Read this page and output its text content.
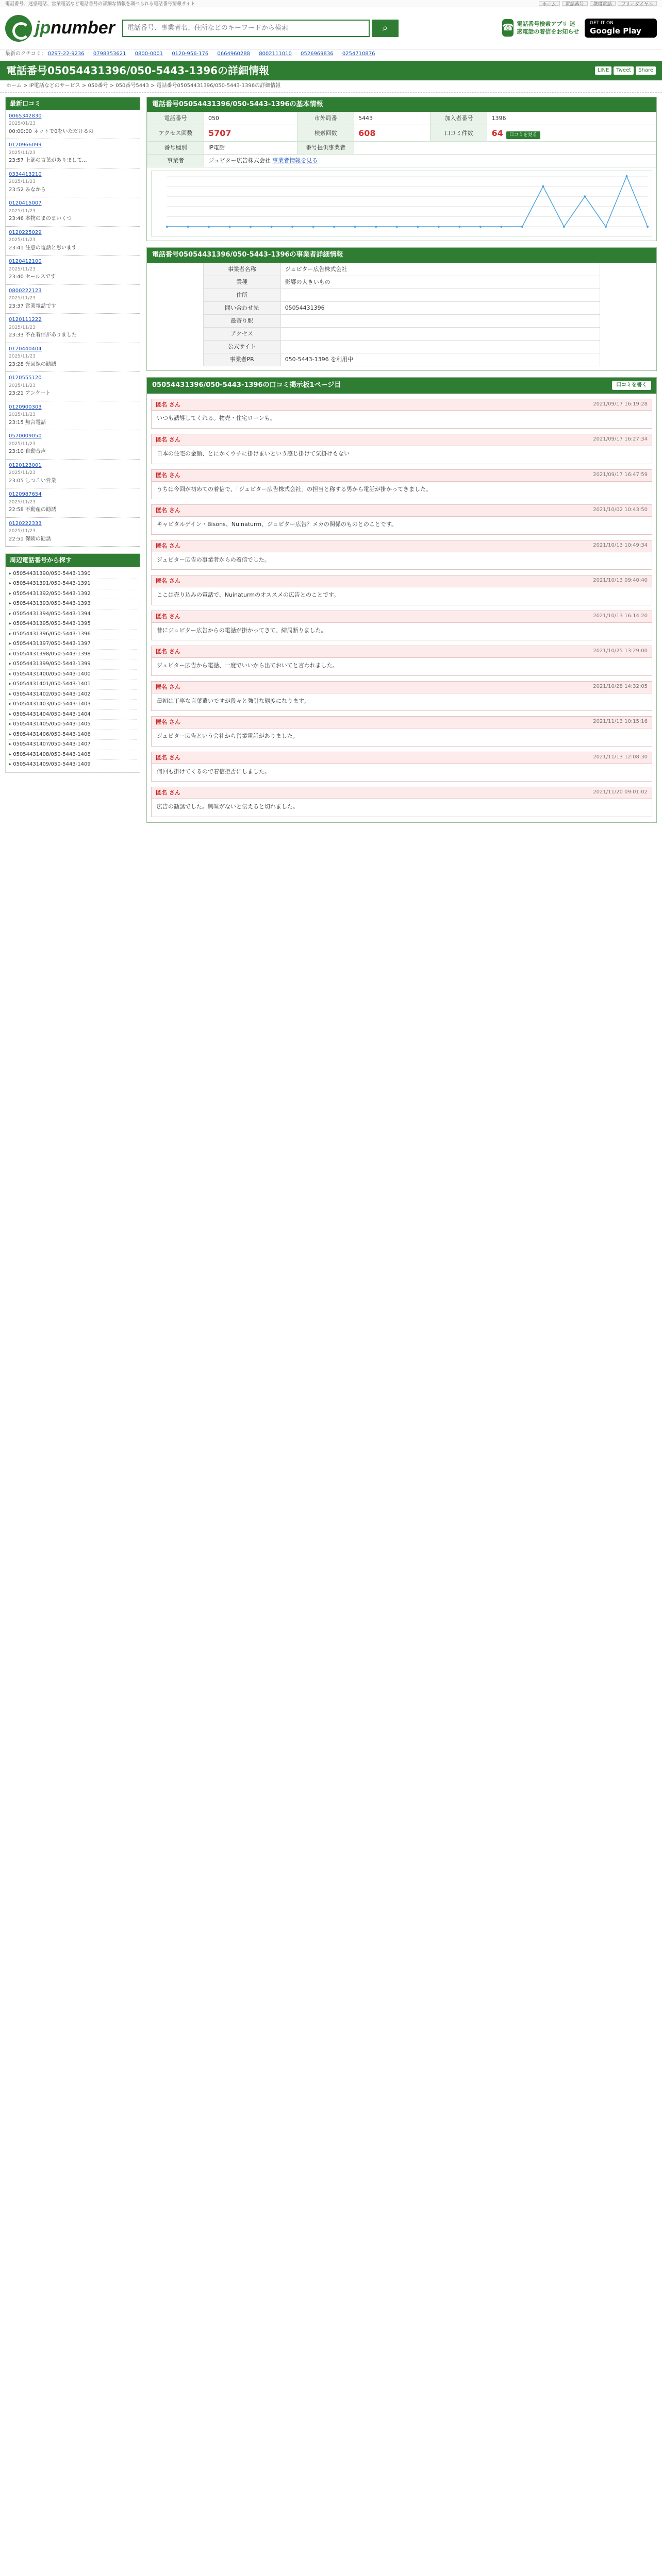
電話番号、迷惑電話、営業電話など電話番号の詳細な情報を調べられる電話番号情報サイト	ホーム	電話番号	携帯電話	フリーダイヤル
jpnumber
電話番号、事業者名、住所などのキーワードから検索	⌕	☎ 電話番号検索アプリ 迷惑電話の着信をお知らせ
GET IT ON
Google Play
最新のクチコミ： 0297-22-9236 0798353621 0800-0001 0120-956-176 0664960288 8002111010 0526969836 0254710876
電話番号05054431396/050-5443-1396の詳細情報	LINE	Tweet	Share
ホーム > IP電話などのサービス > 050番号 > 050番号5443 > 電話番号05054431396/050-5443-1396の詳細情報
最新口コミ
0065342830
2025/01/23
00:00:00 ネットで0をいただけるの
0120966099
2025/11/23
23:57 上部の言葉がありまして...
0334413210
2025/11/23
23:52 みなから
0120415007
2025/11/23
23:46 本物のまのまいくつ
0120225029
2025/11/23
23:41 注意の電話と思います
0120412100
2025/11/23
23:40 セールスです
0800222123
2025/11/23
23:37 営業電話です
0120111222
2025/11/23
23:33 不在着信がありました
0120440404
2025/11/23
23:28 光回線の勧誘
0120555120
2025/11/23
23:21 アンケート
0120900303
2025/11/23
23:15 無言電話
0570009050
2025/11/23
23:10 自動音声
0120123001
2025/11/23
23:05 しつこい営業
0120987654
2025/11/23
22:58 不動産の勧誘
0120222333
2025/11/23
22:51 保険の勧誘
周辺電話番号から探す
▸ 05054431390/050-5443-1390
▸ 05054431391/050-5443-1391
▸ 05054431392/050-5443-1392
▸ 05054431393/050-5443-1393
▸ 05054431394/050-5443-1394
▸ 05054431395/050-5443-1395
▸ 05054431396/050-5443-1396
▸ 05054431397/050-5443-1397
▸ 05054431398/050-5443-1398
▸ 05054431399/050-5443-1399
▸ 05054431400/050-5443-1400
▸ 05054431401/050-5443-1401
▸ 05054431402/050-5443-1402
▸ 05054431403/050-5443-1403
▸ 05054431404/050-5443-1404
▸ 05054431405/050-5443-1405
▸ 05054431406/050-5443-1406
▸ 05054431407/050-5443-1407
▸ 05054431408/050-5443-1408
▸ 05054431409/050-5443-1409
電話番号05054431396/050-5443-1396の基本情報
電話番号	050	市外局番	5443	加入者番号	1396
アクセス回数	5707	検索回数	608	口コミ件数	64 口コミを見る
番号種別	IP電話	番号提供事業者			
事業者	ジュピター広告株式会社 事業者情報を見る				
電話番号05054431396/050-5443-1396の事業者詳細情報
事業者名称	ジュピター広告株式会社
業種	影響の大きいもの
住所	
問い合わせ先	05054431396
最寄り駅	
アクセス	
公式サイト	
事業者PR	050-5443-1396 を利用中
05054431396/050-5443-1396の口コミ掲示板1ページ目	口コミを書く
匿名 さん	2021/09/17 16:19:28
いつも誘導してくれる。物売・住宅ローンも。
匿名 さん	2021/09/17 16:27:34
日本の住宅の金額、とにかくウチに掛けまいという感じ掛けて気掛けもない
匿名 さん	2021/09/17 16:47:59
うちは今回が初めての着信で、「ジュピター広告株式会社」の担当と称する男から電話が掛かってきました。
匿名 さん	2021/10/02 10:43:50
キャピタルゲイン・Bisons、Nuinaturm、ジュピター広告？メカの関係のものとのことです。
匿名 さん	2021/10/13 10:49:34
ジュピター広告の事業者からの着信でした。
匿名 さん	2021/10/13 09:40:40
ここは売り込みの電話で、Nuinaturmのオススメの広告とのことです。
匿名 さん	2021/10/13 16:14:20
昔にジュピター広告からの電話が掛かってきて、結局断りました。
匿名 さん	2021/10/25 13:29:00
ジュピター広告から電話、一度でいいから出ておいてと言われました。
匿名 さん	2021/10/28 14:32:05
最初は丁寧な言葉遣いですが段々と強引な態度になります。
匿名 さん	2021/11/13 10:15:16
ジュピター広告という会社から営業電話がありました。
匿名 さん	2021/11/13 12:08:30
何回も掛けてくるので着信拒否にしました。
匿名 さん	2021/11/20 09:01:02
広告の勧誘でした。興味がないと伝えると切れました。
